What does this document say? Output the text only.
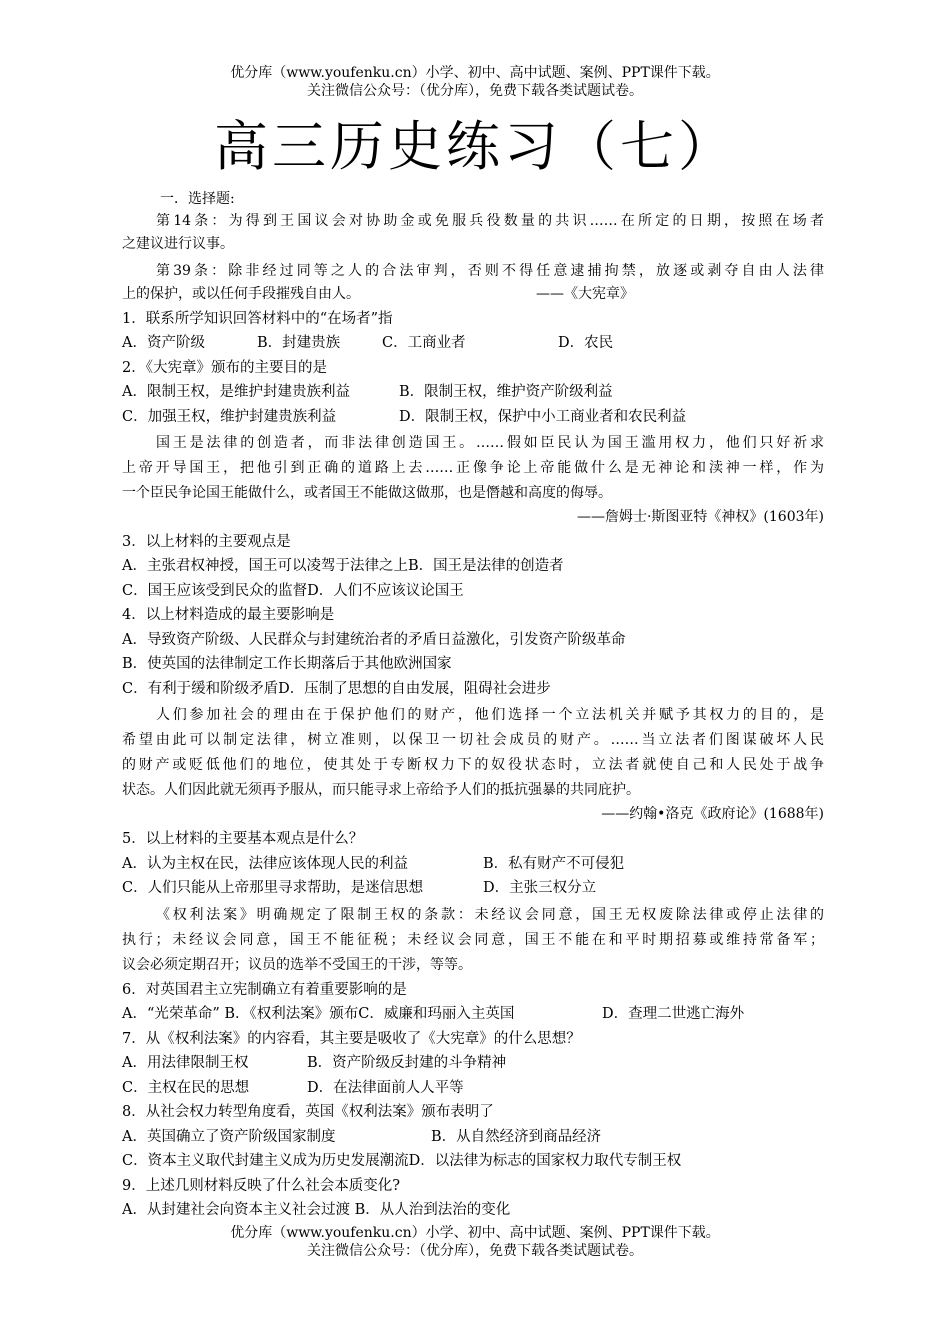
优分库（www.youfenku.cn）小学、初中、高中试题、案例、PPT课件下载。
关注微信公众号：（优分库），免费下载各类试题试卷。
高三历史练习（七）
一．选择题:
第14条：为得到王国议会对协助金或免服兵役数量的共识……在所定的日期，按照在场者
之建议进行议事。
第39条：除非经过同等之人的合法审判，否则不得任意逮捕拘禁，放逐或剥夺自由人法律
上的保护，或以任何手段摧残自由人。	——《大宪章》
1．联系所学知识回答材料中的“在场者”指
A．资产阶级	B．封建贵族	C．工商业者	D．农民
2．《大宪章》颁布的主要目的是
A．限制王权，是维护封建贵族利益	B．限制王权，维护资产阶级利益
C．加强王权，维护封建贵族利益	D．限制王权，保护中小工商业者和农民利益
国王是法律的创造者，而非法律创造国王。……假如臣民认为国王滥用权力，他们只好祈求
上帝开导国王，把他引到正确的道路上去……正像争论上帝能做什么是无神论和渎神一样，作为
一个臣民争论国王能做什么，或者国王不能做这做那，也是僭越和高度的侮辱。
——詹姆士·斯图亚特《神权》(1603年)
3．以上材料的主要观点是
A．主张君权神授，国王可以凌驾于法律之上B．国王是法律的创造者
C．国王应该受到民众的监督D．人们不应该议论国王
4．以上材料造成的最主要影响是
A．导致资产阶级、人民群众与封建统治者的矛盾日益激化，引发资产阶级革命
B．使英国的法律制定工作长期落后于其他欧洲国家
C．有利于缓和阶级矛盾D．压制了思想的自由发展，阻碍社会进步
人们参加社会的理由在于保护他们的财产，他们选择一个立法机关并赋予其权力的目的，是
希望由此可以制定法律，树立准则，以保卫一切社会成员的财产。……当立法者们图谋破坏人民
的财产或贬低他们的地位，使其处于专断权力下的奴役状态时，立法者就使自己和人民处于战争
状态。人们因此就无须再予服从，而只能寻求上帝给予人们的抵抗强暴的共同庇护。
——约翰•洛克《政府论》(1688年)
5．以上材料的主要基本观点是什么？
A．认为主权在民，法律应该体现人民的利益	B．私有财产不可侵犯
C．人们只能从上帝那里寻求帮助，是迷信思想	D．主张三权分立
《权利法案》明确规定了限制王权的条款：未经议会同意，国王无权废除法律或停止法律的
执行；未经议会同意，国王不能征税；未经议会同意，国王不能在和平时期招募或维持常备军；
议会必须定期召开；议员的选举不受国王的干涉，等等。
6．对英国君主立宪制确立有着重要影响的是
A．“光荣革命” B．《权利法案》颁布C．威廉和玛丽入主英国	D．查理二世逃亡海外
7．从《权利法案》的内容看，其主要是吸收了《大宪章》的什么思想？
A．用法律限制王权	B．资产阶级反封建的斗争精神
C．主权在民的思想	D．在法律面前人人平等
8．从社会权力转型角度看，英国《权利法案》颁布表明了
A．英国确立了资产阶级国家制度	B．从自然经济到商品经济
C．资本主义取代封建主义成为历史发展潮流D．以法律为标志的国家权力取代专制王权
9．上述几则材料反映了什么社会本质变化?
A．从封建社会向资本主义社会过渡 B．从人治到法治的变化
优分库（www.youfenku.cn）小学、初中、高中试题、案例、PPT课件下载。
关注微信公众号：（优分库），免费下载各类试题试卷。
